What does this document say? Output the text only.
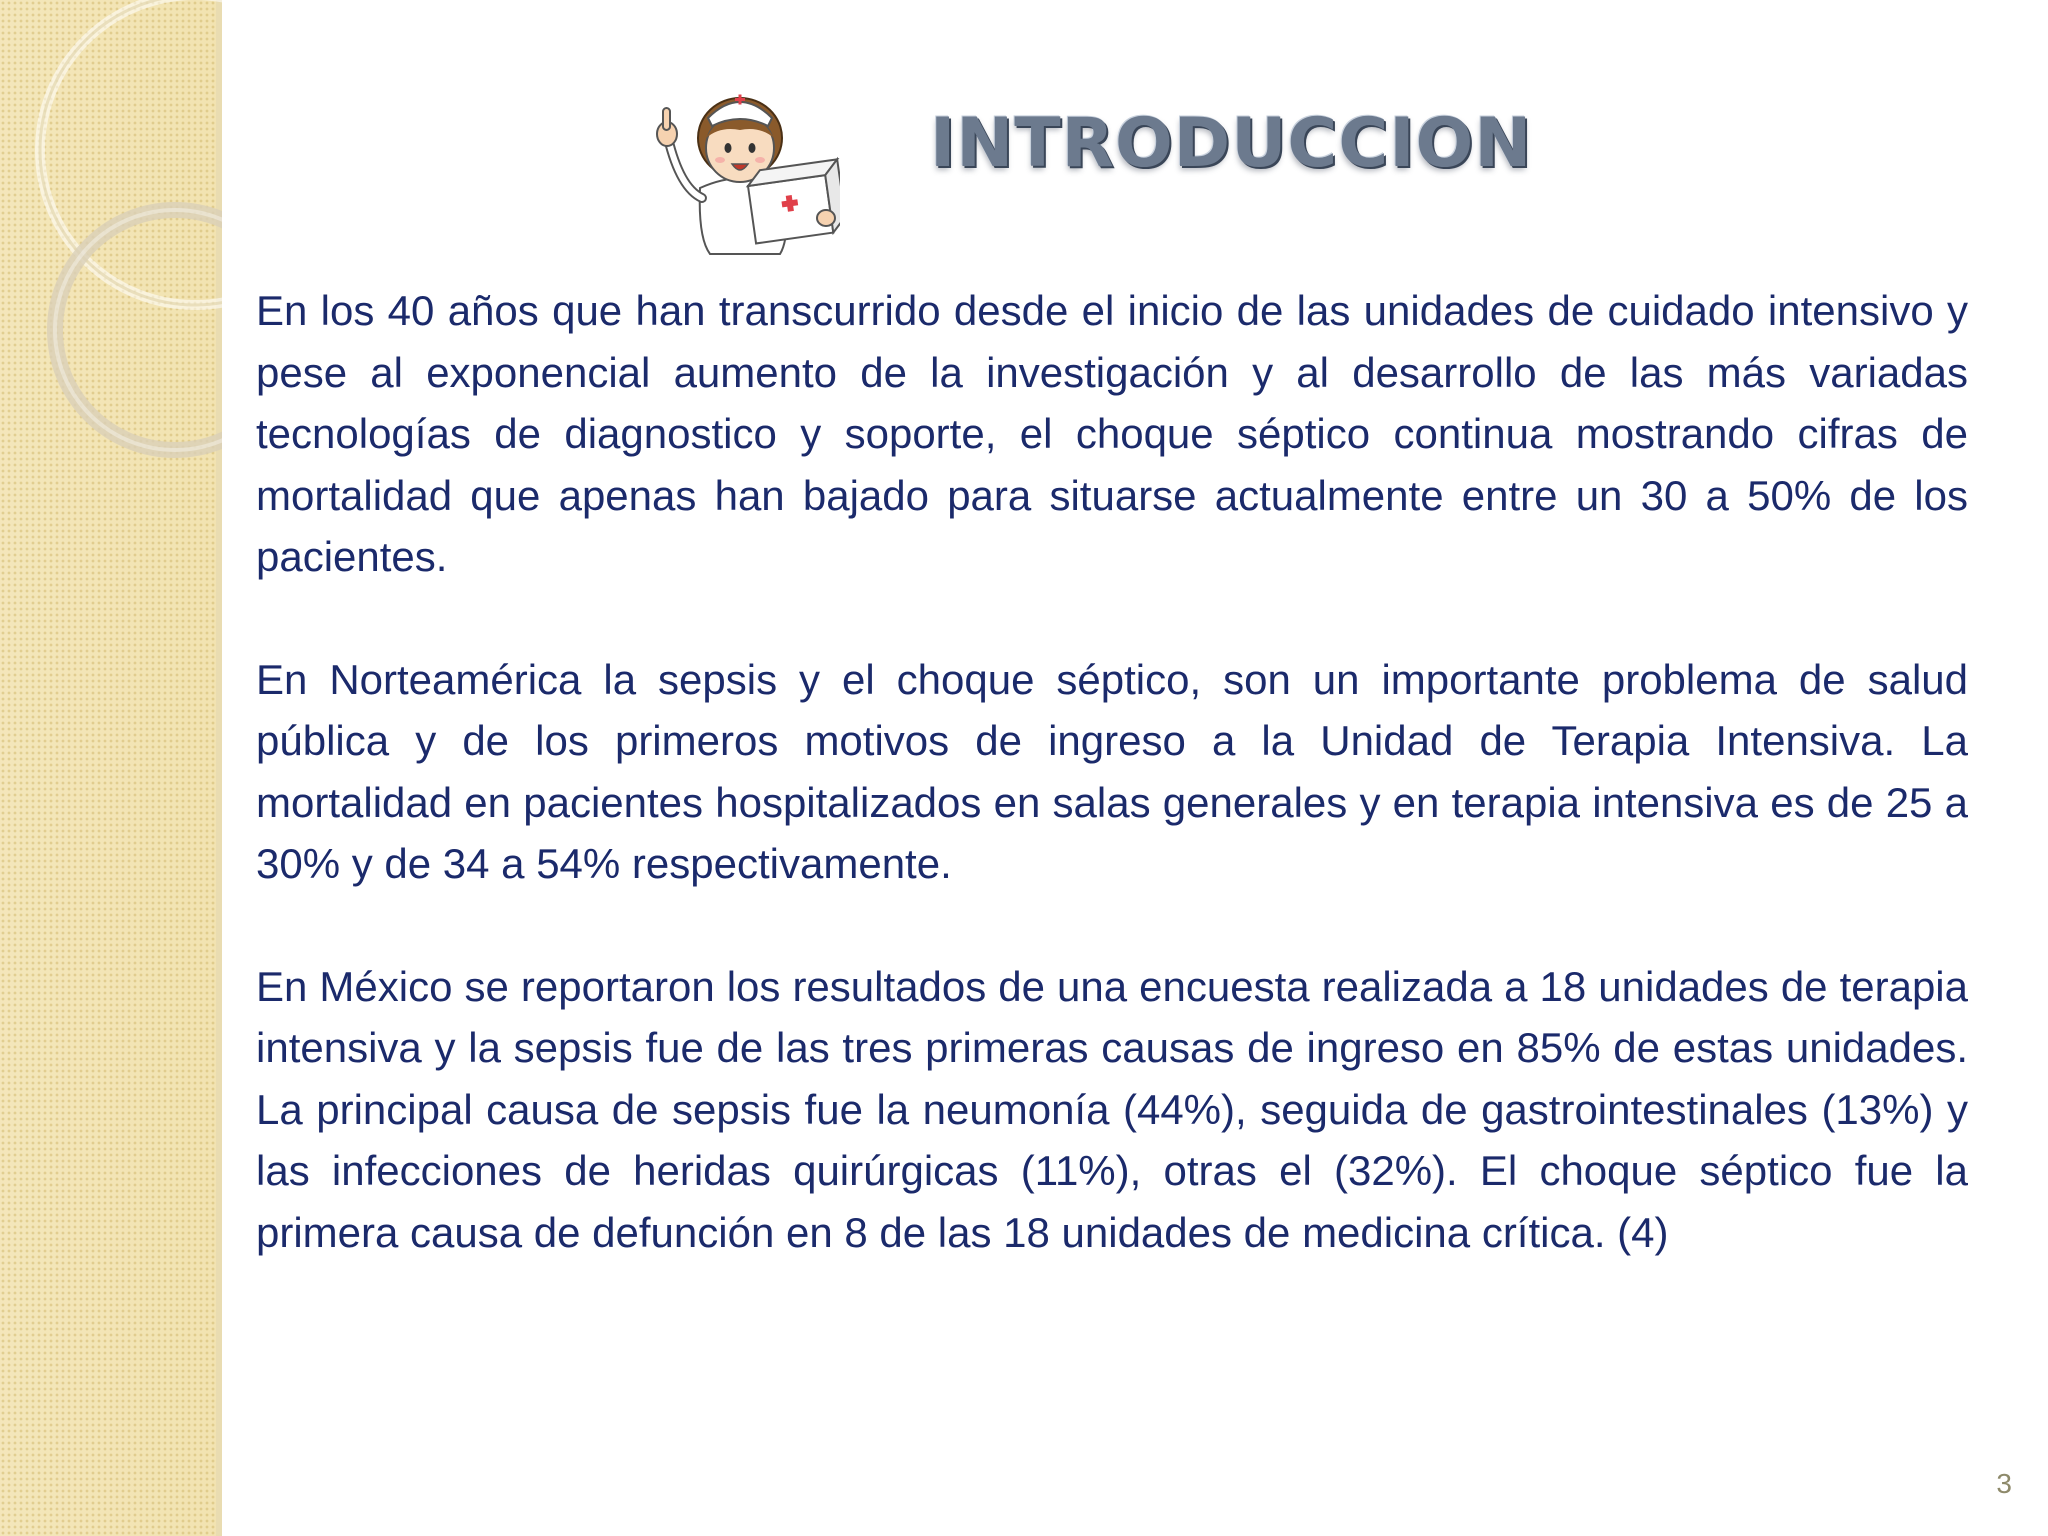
INTRODUCCION

En los 40 años que han transcurrido desde el inicio de las unidades de cuidado intensivo y pese al exponencial aumento de la investigación y al desarrollo de las más variadas tecnologías de diagnostico y soporte, el choque séptico continua mostrando cifras de mortalidad que apenas han bajado para situarse actualmente entre un 30 a 50% de los pacientes.

En Norteamérica la sepsis y el choque séptico, son un importante problema de salud pública y de los primeros motivos de ingreso a la Unidad de Terapia Intensiva. La mortalidad en pacientes hospitalizados en salas generales y en terapia intensiva es de 25 a 30% y de 34 a 54% respectivamente.

En México se reportaron los resultados de una encuesta realizada a 18 unidades de terapia intensiva y la sepsis fue de las tres primeras causas de ingreso en 85% de estas unidades. La principal causa de sepsis fue la neumonía (44%), seguida de gastrointestinales (13%) y las infecciones de heridas quirúrgicas (11%), otras el (32%). El choque séptico fue la primera causa de defunción en 8 de las 18 unidades de medicina crítica. (4)

3
